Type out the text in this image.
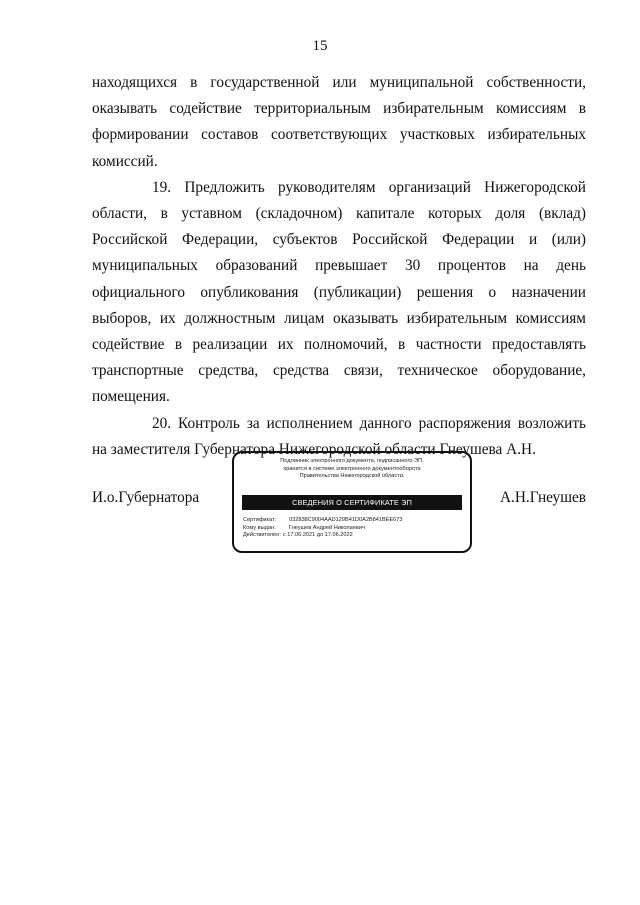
15

находящихся в государственной или муниципальной собственности, оказывать содействие территориальным избирательным комиссиям в формировании составов соответствующих участковых избирательных комиссий.

19. Предложить руководителям организаций Нижегородской области, в уставном (складочном) капитале которых доля (вклад) Российской Федерации, субъектов Российской Федерации и (или) муниципальных образований превышает 30 процентов на день официального опубликования (публикации) решения о назначении выборов, их должностным лицам оказывать избирательным комиссиям содействие в реализации их полномочий, в частности предоставлять транспортные средства, средства связи, техническое оборудование, помещения.

20. Контроль за исполнением данного распоряжения возложить на заместителя Губернатора Нижегородской области Гнеушева А.Н.

И.о.Губернатора	А.Н.Гнеушев
Подлинник электронного документа, подписанного ЭП,
хранится в системе электронного документооборота
Правительства Нижегородской области.
СВЕДЕНИЯ О СЕРТИФИКАТЕ ЭП
Сертификат: 032838C9004AAD129B41D0A2B841BEE673
Кому выдан: Гнеушев Андрей Николаевич
Действителен: с 17.06.2021 до 17.06.2022
